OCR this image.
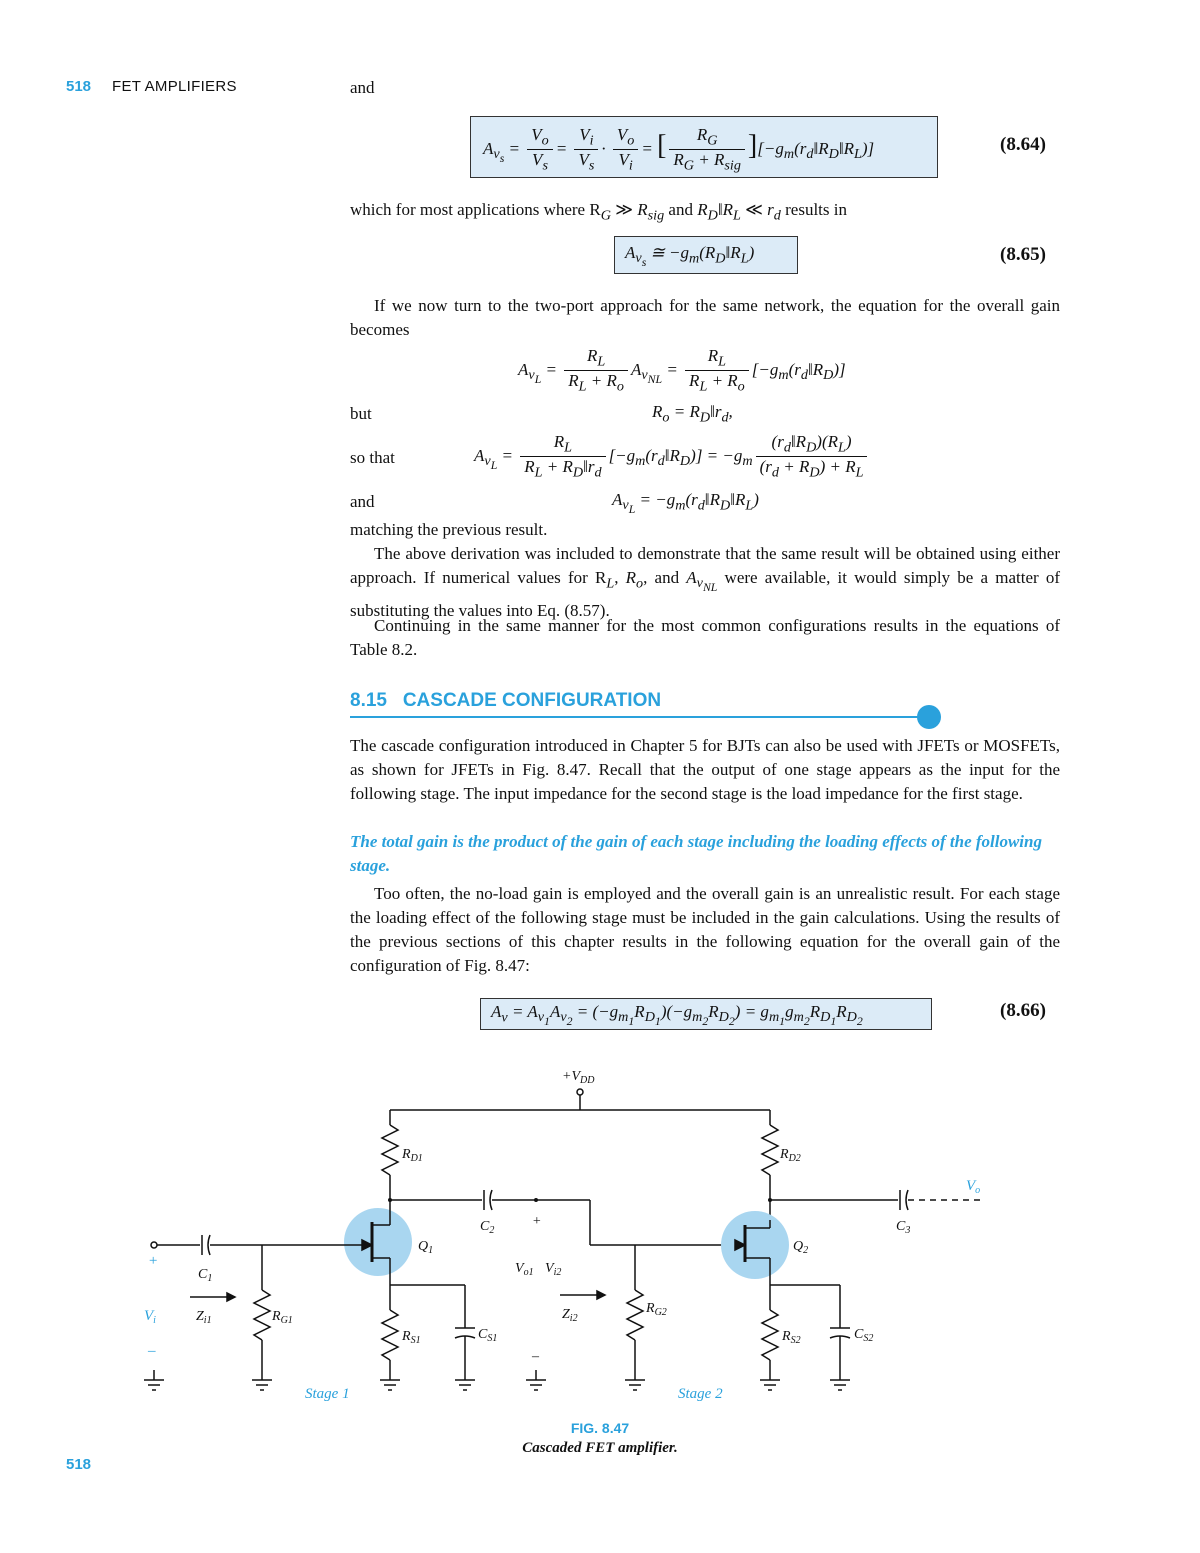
518 FET AMPLIFIERS	and
$A_{v_s} = \frac{V_o}{V_s} = \frac{V_i}{V_s} \cdot \frac{V_o}{V_i}$ = [ $\frac{R_G}{R_G + R_{sig}}$ ]$[-g_m(r_d‖R_D‖R_L)]$	(8.64)
which for most applications where $R_G$ ≫ $R_{sig}$ and $R_D‖R_L$ ≪ $r_d$ results in
$A_{v_s}$ ≅ $-g_m(R_D‖R_L)$	(8.65)
If we now turn to the two-port approach for the same network, the equation for the overall gain becomes
$A_{v_L} = \frac{R_L}{R_L + R_o} A_{v_{NL}} = \frac{R_L}{R_L + R_o}$ $[-g_m(r_d‖R_D)]$
but	$R_o$ = $R_D‖r_d$,
so that	$A_{v_L} = \frac{R_L}{R_L + R_D‖r_d}$ $[-g_m(r_d‖R_D)] = -g_m \frac{(r_d‖R_D)(R_L)}{(r_d + R_D) + R_L}$
and	$A_{v_L}$ = $-g_m(r_d‖R_D‖R_L)$
matching the previous result.
The above derivation was included to demonstrate that the same result will be obtained using either approach. If numerical values for $R_L$, $R_o$, and $A_{v_{NL}}$ were available, it would simply be a matter of substituting the values into Eq. (8.57).
Continuing in the same manner for the most common configurations results in the equations of Table 8.2.
8.15 CASCADE CONFIGURATION
The cascade configuration introduced in Chapter 5 for BJTs can also be used with JFETs or MOSFETs, as shown for JFETs in Fig. 8.47. Recall that the output of one stage appears as the input for the following stage. The input impedance for the second stage is the load impedance for the first stage.
The total gain is the product of the gain of each stage including the loading effects of the following stage.
Too often, the no-load gain is employed and the overall gain is an unrealistic result. For each stage the loading effect of the following stage must be included in the gain calculations. Using the results of the previous sections of this chapter results in the following equation for the overall gain of the configuration of Fig. 8.47:
$A_v = A_{v_1}A_{v_2} = (-g_{m_1}R_{D_1})(-g_{m_2}R_{D_2}) = g_{m_1}g_{m_2}R_{D_1}R_{D_2}$
(8.66)
$+V_{DD}$
$R_{D1}$	$R_{D2}$
$Q_1$	$Q_2$
$C_1$
$C_2$	$C_3$
$R_{G1}$
$R_{G2}$
$R_{S1}$	$R_{S2}$
$C_{S1}$	$C_{S2}$
$Z_{i1}$	$Z_{i2}$
$V_{o1}$ $V_{i2}$
+
–
+
$V_i$
–
$V_o$
Stage 1	Stage 2
FIG. 8.47
Cascaded FET amplifier.
518
